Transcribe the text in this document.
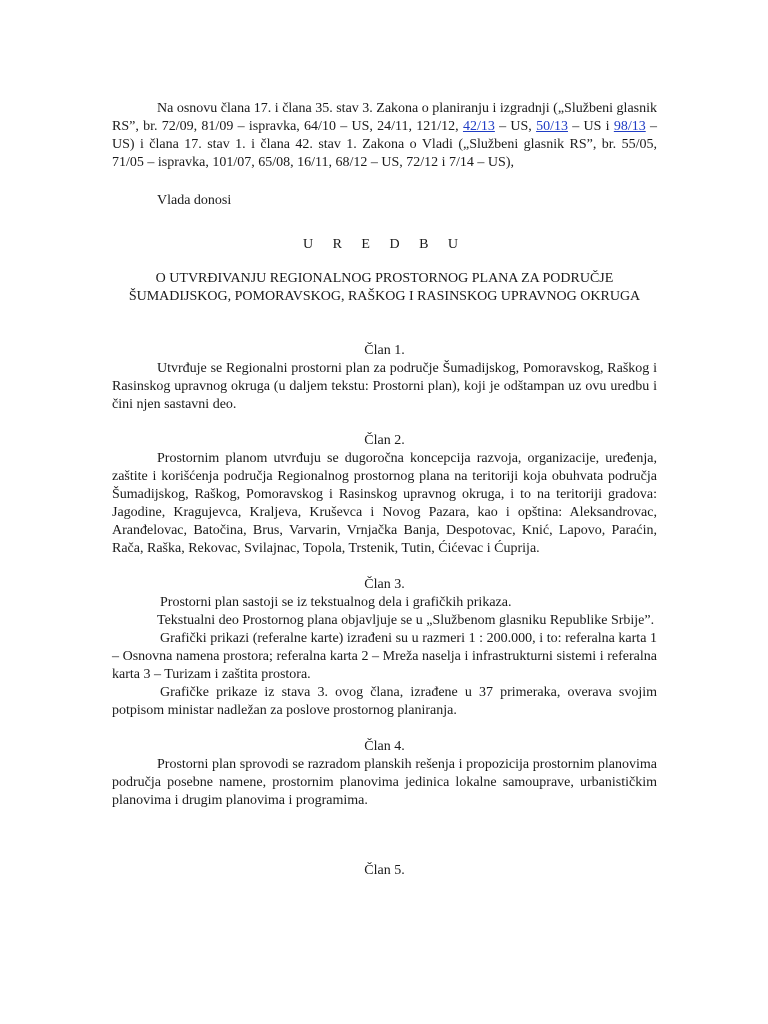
Na osnovu člana 17. i člana 35. stav 3. Zakona o planiranju i izgradnji („Službeni glasnik RS”, br. 72/09, 81/09 – ispravka, 64/10 – US, 24/11, 121/12, 42/13 – US, 50/13 – US i 98/13 – US) i člana 17. stav 1. i člana 42. stav 1. Zakona o Vladi („Službeni glasnik RS”, br. 55/05, 71/05 – ispravka, 101/07, 65/08, 16/11, 68/12 – US, 72/12 i 7/14 – US),

Vlada donosi

U R E D B U

O UTVRĐIVANJU REGIONALNOG PROSTORNOG PLANA ZA PODRUČJE ŠUMADIJSKOG, POMORAVSKOG, RAŠKOG I RASINSKOG UPRAVNOG OKRUGA

Član 1.

Utvrđuje se Regionalni prostorni plan za područje Šumadijskog, Pomoravskog, Raškog i Rasinskog upravnog okruga (u daljem tekstu: Prostorni plan), koji je odštampan uz ovu uredbu i čini njen sastavni deo.

Član 2.

Prostornim planom utvrđuju se dugoročna koncepcija razvoja, organizacije, uređenja, zaštite i korišćenja područja Regionalnog prostornog plana na teritoriji koja obuhvata područja Šumadijskog, Raškog, Pomoravskog i Rasinskog upravnog okruga, i to na teritoriji gradova: Jagodine, Kragujevca, Kraljeva, Kruševca i Novog Pazara, kao i opština: Aleksandrovac, Aranđelovac, Batočina, Brus, Varvarin, Vrnjačka Banja, Despotovac, Knić, Lapovo, Paraćin, Rača, Raška, Rekovac, Svilajnac, Topola, Trstenik, Tutin, Ćićevac i Ćuprija.

Član 3.

Prostorni plan sastoji se iz tekstualnog dela i grafičkih prikaza.

Tekstualni deo Prostornog plana objavljuje se u „Službenom glasniku Republike Srbije”.

Grafički prikazi (referalne karte) izrađeni su u razmeri 1 : 200.000, i to: referalna karta 1 – Osnovna namena prostora; referalna karta 2 – Mreža naselja i infrastrukturni sistemi i referalna karta 3 – Turizam i zaštita prostora.

Grafičke prikaze iz stava 3. ovog člana, izrađene u 37 primeraka, overava svojim potpisom ministar nadležan za poslove prostornog planiranja.

Član 4.

Prostorni plan sprovodi se razradom planskih rešenja i propozicija prostornim planovima područja posebne namene, prostornim planovima jedinica lokalne samouprave, urbanističkim planovima i drugim planovima i programima.

Član 5.
